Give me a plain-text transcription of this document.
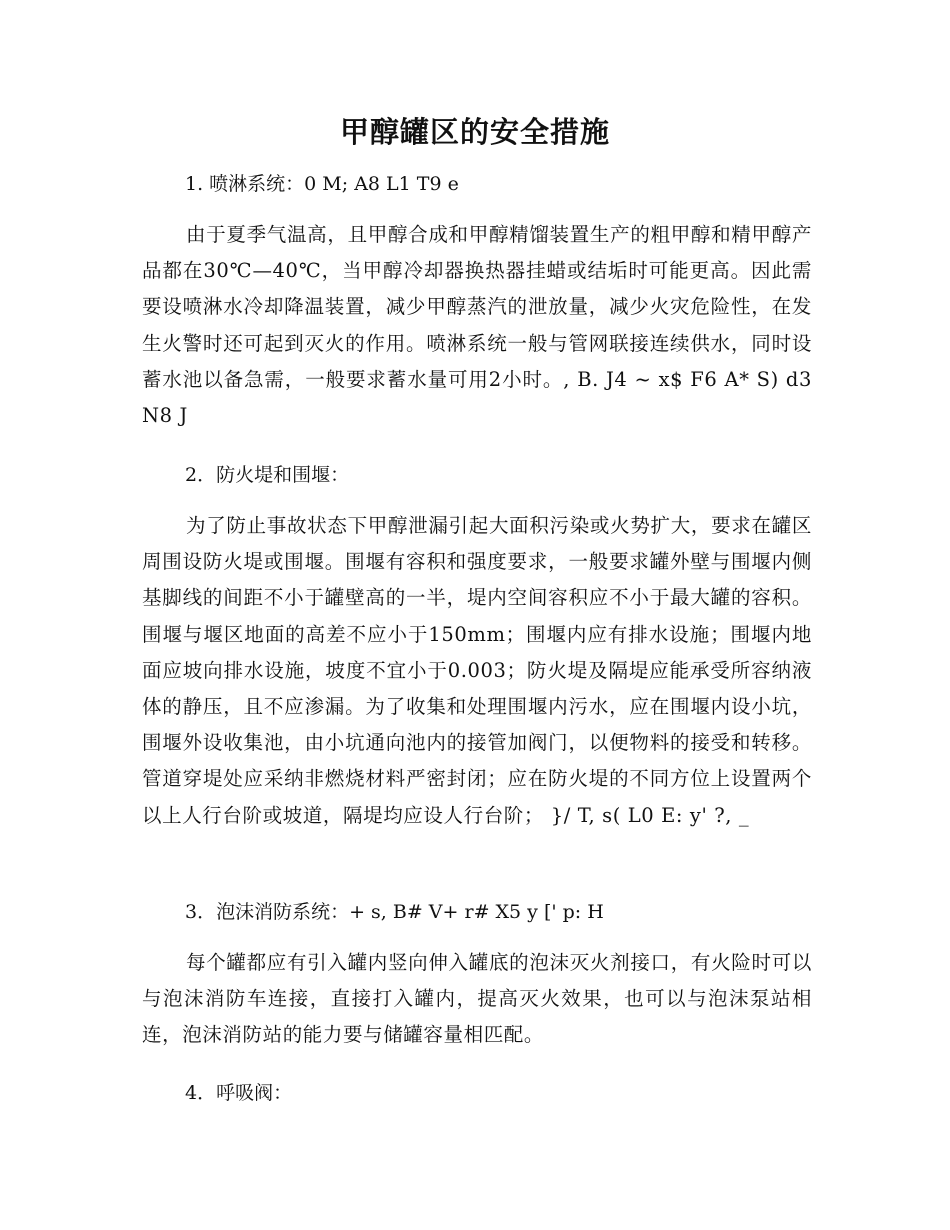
甲醇罐区的安全措施
1. 喷淋系统：0 M; A8 L1 T9 e
由于夏季气温高，且甲醇合成和甲醇精馏装置生产的粗甲醇和精甲醇产品都在30℃—40℃，当甲醇冷却器换热器挂蜡或结垢时可能更高。因此需要设喷淋水冷却降温装置，减少甲醇蒸汽的泄放量，减少火灾危险性，在发生火警时还可起到灭火的作用。喷淋系统一般与管网联接连续供水，同时设蓄水池以备急需，一般要求蓄水量可用2小时。, B. J4 ~ x$ F6 A* S) d3 N8 J
2．防火堤和围堰：
为了防止事故状态下甲醇泄漏引起大面积污染或火势扩大，要求在罐区周围设防火堤或围堰。围堰有容积和强度要求，一般要求罐外壁与围堰内侧基脚线的间距不小于罐壁高的一半，堤内空间容积应不小于最大罐的容积。围堰与堰区地面的高差不应小于150mm；围堰内应有排水设施；围堰内地面应坡向排水设施，坡度不宜小于0.003；防火堤及隔堤应能承受所容纳液体的静压，且不应渗漏。为了收集和处理围堰内污水，应在围堰内设小坑，围堰外设收集池，由小坑通向池内的接管加阀门，以便物料的接受和转移。管道穿堤处应采纳非燃烧材料严密封闭；应在防火堤的不同方位上设置两个以上人行台阶或坡道，隔堤均应设人行台阶； }/ T, s( L0 E: y' ?, _
3．泡沫消防系统：+ s, B# V+ r# X5 y [' p: H
每个罐都应有引入罐内竖向伸入罐底的泡沫灭火剂接口，有火险时可以与泡沫消防车连接，直接打入罐内，提高灭火效果，也可以与泡沫泵站相连，泡沫消防站的能力要与储罐容量相匹配。
4．呼吸阀：
